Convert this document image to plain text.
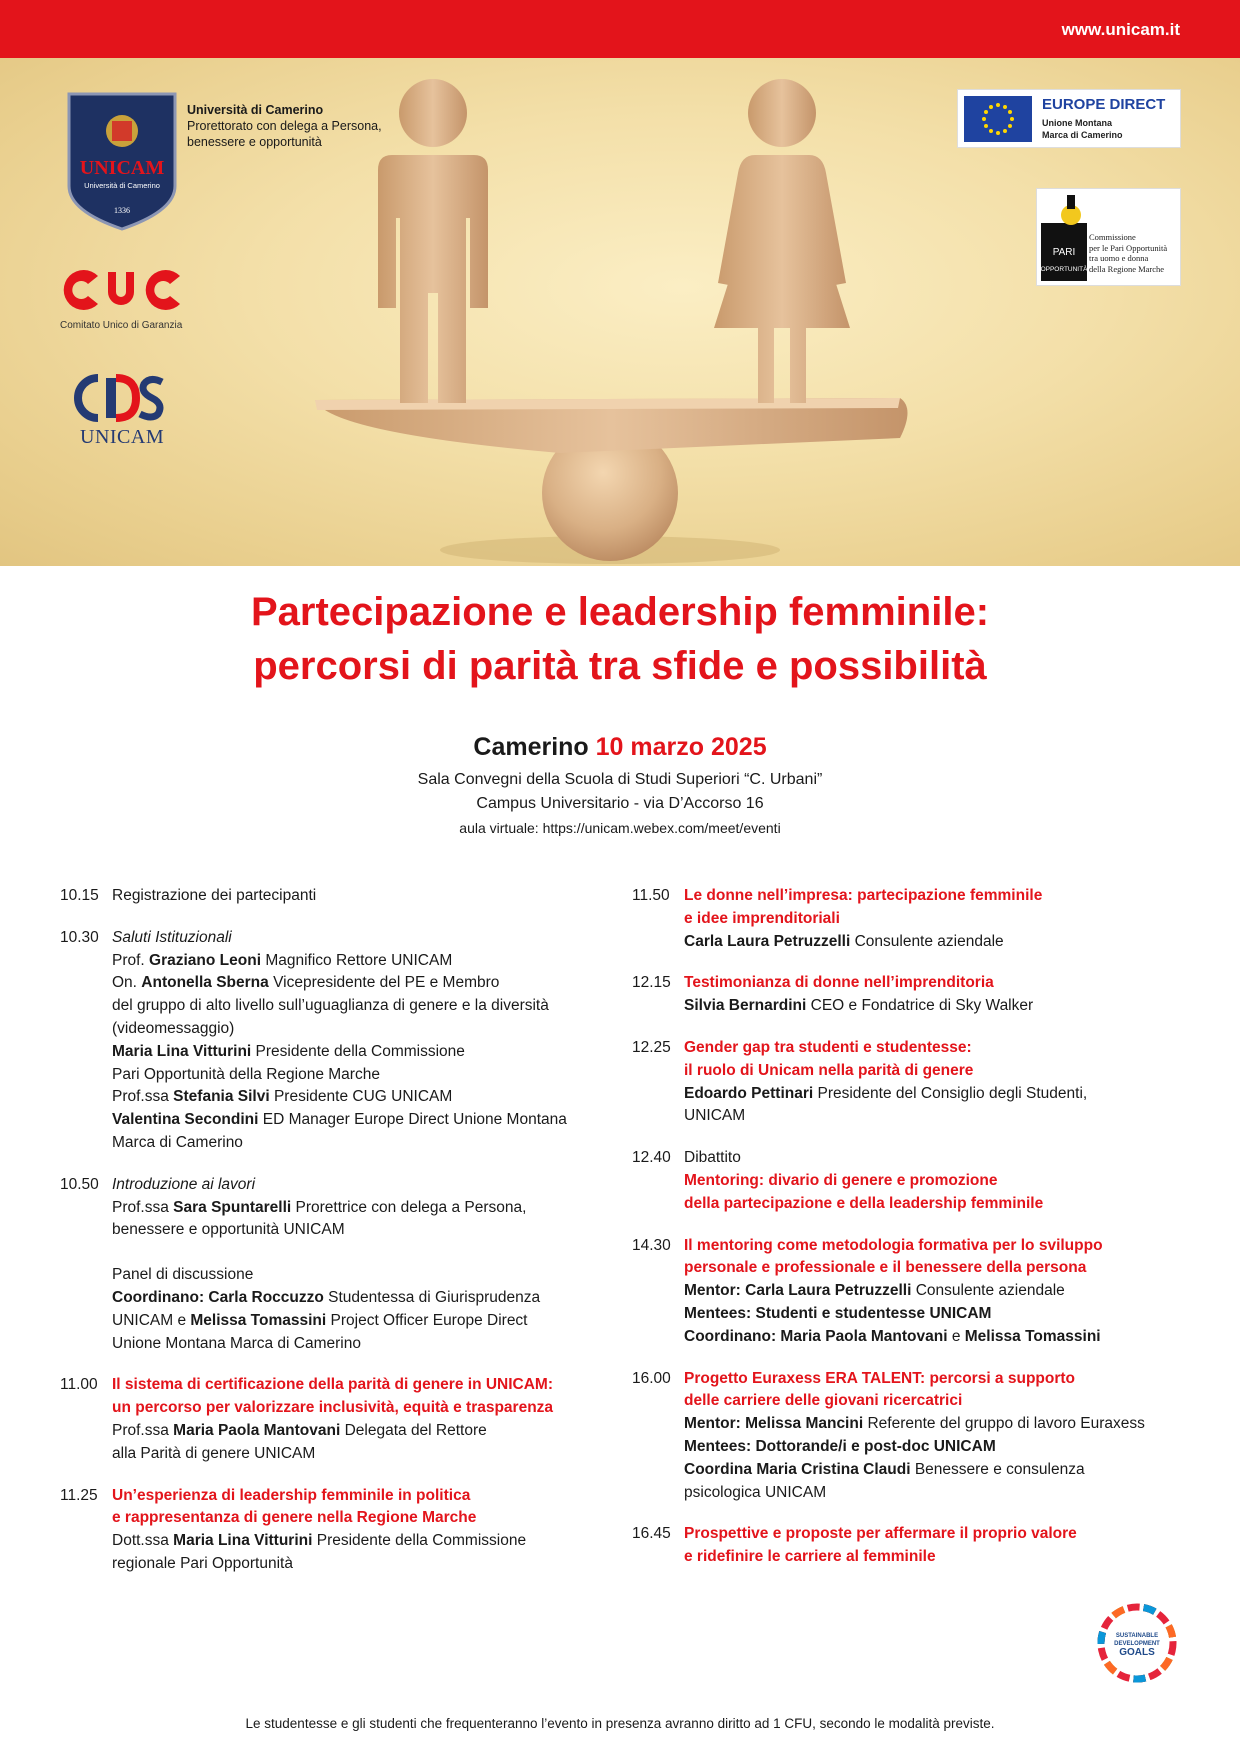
www.unicam.it
UNICAM
Università di Camerino
1336
Università di Camerino
Prorettorato con delega a Persona,
benessere e opportunità
Comitato Unico di Garanzia
UNICAM
EUROPE DIRECT
Unione Montana
Marca di Camerino
PARI
OPPORTUNITÀ
Commissione
per le Pari Opportunità
tra uomo e donna
della Regione Marche
Partecipazione e leadership femminile:
percorsi di parità tra sfide e possibilità
Camerino 10 marzo 2025
Sala Convegni della Scuola di Studi Superiori “C. Urbani”
Campus Universitario - via D’Accorso 16
aula virtuale: https://unicam.webex.com/meet/eventi
10.15 Registrazione dei partecipanti
10.30 Saluti Istituzionali
Prof. Graziano Leoni Magnifico Rettore UNICAM
On. Antonella Sberna Vicepresidente del PE e Membro
del gruppo di alto livello sull’uguaglianza di genere e la diversità
(videomessaggio)
Maria Lina Vitturini Presidente della Commissione
Pari Opportunità della Regione Marche
Prof.ssa Stefania Silvi Presidente CUG UNICAM
Valentina Secondini ED Manager Europe Direct Unione Montana
Marca di Camerino
10.50 Introduzione ai lavori
Prof.ssa Sara Spuntarelli Prorettrice con delega a Persona,
benessere e opportunità UNICAM
Panel di discussione
Coordinano: Carla Roccuzzo Studentessa di Giurisprudenza
UNICAM e Melissa Tomassini Project Officer Europe Direct
Unione Montana Marca di Camerino
11.00 Il sistema di certificazione della parità di genere in UNICAM:
un percorso per valorizzare inclusività, equità e trasparenza
Prof.ssa Maria Paola Mantovani Delegata del Rettore
alla Parità di genere UNICAM
11.25 Un’esperienza di leadership femminile in politica
e rappresentanza di genere nella Regione Marche
Dott.ssa Maria Lina Vitturini Presidente della Commissione
regionale Pari Opportunità
11.50 Le donne nell’impresa: partecipazione femminile
e idee imprenditoriali
Carla Laura Petruzzelli Consulente aziendale
12.15 Testimonianza di donne nell’imprenditoria
Silvia Bernardini CEO e Fondatrice di Sky Walker
12.25 Gender gap tra studenti e studentesse:
il ruolo di Unicam nella parità di genere
Edoardo Pettinari Presidente del Consiglio degli Studenti,
UNICAM
12.40 Dibattito
Mentoring: divario di genere e promozione
della partecipazione e della leadership femminile
14.30 Il mentoring come metodologia formativa per lo sviluppo
personale e professionale e il benessere della persona
Mentor: Carla Laura Petruzzelli Consulente aziendale
Mentees: Studenti e studentesse UNICAM
Coordinano: Maria Paola Mantovani e Melissa Tomassini
16.00 Progetto Euraxess ERA TALENT: percorsi a supporto
delle carriere delle giovani ricercatrici
Mentor: Melissa Mancini Referente del gruppo di lavoro Euraxess
Mentees: Dottorande/i e post-doc UNICAM
Coordina Maria Cristina Claudi Benessere e consulenza
psicologica UNICAM
16.45 Prospettive e proposte per affermare il proprio valore
e ridefinire le carriere al femminile
SUSTAINABLE
DEVELOPMENT
GOALS
Le studentesse e gli studenti che frequenteranno l’evento in presenza avranno diritto ad 1 CFU, secondo le modalità previste.
